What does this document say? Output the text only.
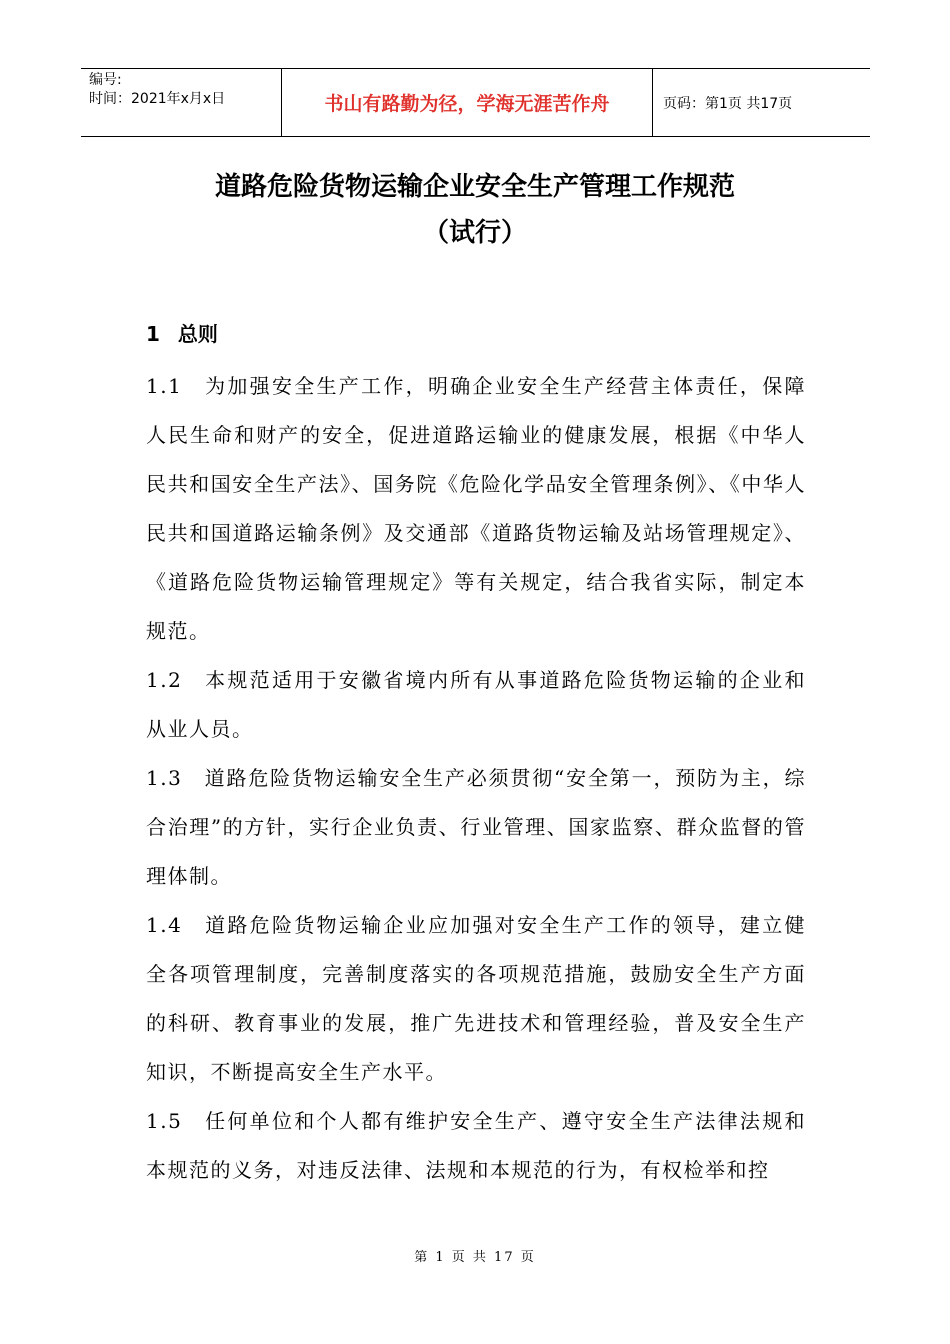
编号:
时间：2021年x月x日	书山有路勤为径，学海无涯苦作舟	页码：第1页 共17页
道路危险货物运输企业安全生产管理工作规范
（试行）
1 总则

1.1 为加强安全生产工作，明确企业安全生产经营主体责任，保障人民生命和财产的安全，促进道路运输业的健康发展，根据《中华人民共和国安全生产法》、国务院《危险化学品安全管理条例》、《中华人民共和国道路运输条例》及交通部《道路货物运输及站场管理规定》、《道路危险货物运输管理规定》等有关规定，结合我省实际，制定本规范。

1.2 本规范适用于安徽省境内所有从事道路危险货物运输的企业和从业人员。

1.3 道路危险货物运输安全生产必须贯彻“安全第一，预防为主，综合治理”的方针，实行企业负责、行业管理、国家监察、群众监督的管理体制。

1.4 道路危险货物运输企业应加强对安全生产工作的领导，建立健全各项管理制度，完善制度落实的各项规范措施，鼓励安全生产方面的科研、教育事业的发展，推广先进技术和管理经验，普及安全生产知识，不断提高安全生产水平。

1.5 任何单位和个人都有维护安全生产、遵守安全生产法律法规和本规范的义务，对违反法律、法规和本规范的行为，有权检举和控

第 1 页 共 17 页
